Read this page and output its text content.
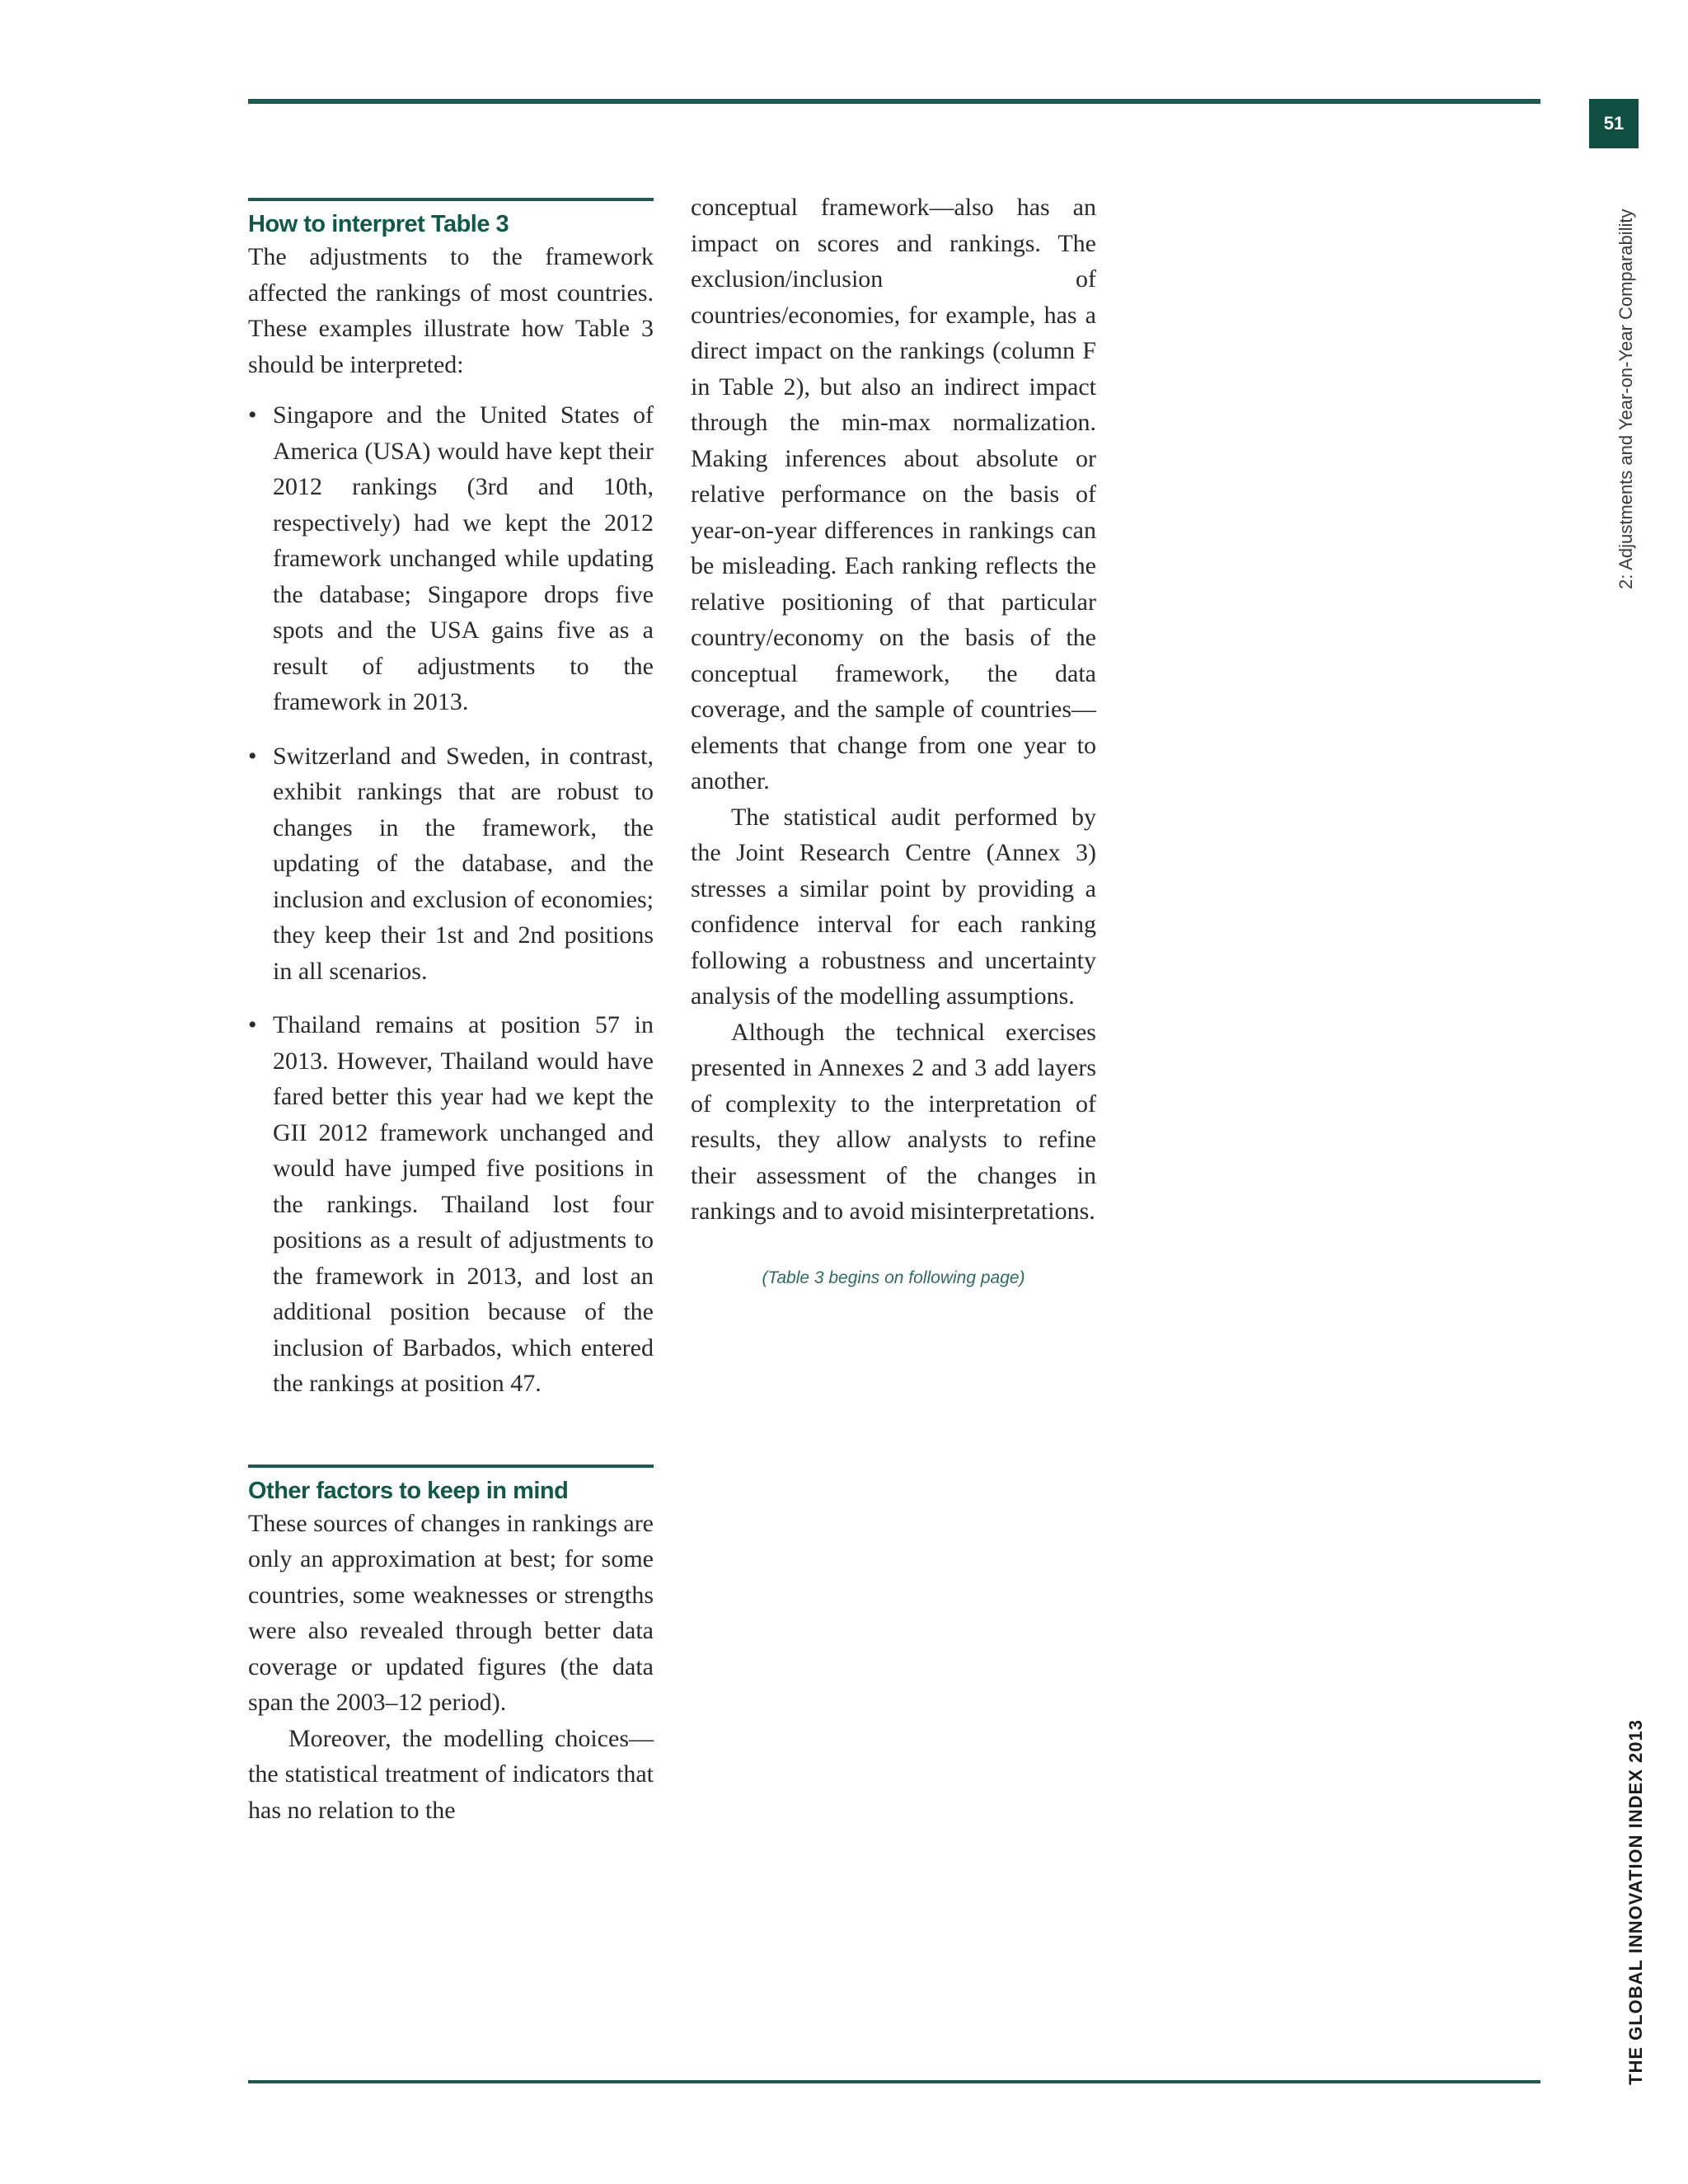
51
2: Adjustments and Year-on-Year Comparability
THE GLOBAL INNOVATION INDEX 2013
How to interpret Table 3

The adjustments to the framework affected the rankings of most countries. These examples illustrate how Table 3 should be interpreted:

• Singapore and the United States of America (USA) would have kept their 2012 rankings (3rd and 10th, respectively) had we kept the 2012 framework unchanged while updating the database; Singapore drops five spots and the USA gains five as a result of adjustments to the framework in 2013.
• Switzerland and Sweden, in contrast, exhibit rankings that are robust to changes in the framework, the updating of the database, and the inclusion and exclusion of economies; they keep their 1st and 2nd positions in all scenarios.
• Thailand remains at position 57 in 2013. However, Thailand would have fared better this year had we kept the GII 2012 framework unchanged and would have jumped five positions in the rankings. Thailand lost four positions as a result of adjustments to the framework in 2013, and lost an additional position because of the inclusion of Barbados, which entered the rankings at position 47.
Other factors to keep in mind

These sources of changes in rankings are only an approximation at best; for some countries, some weaknesses or strengths were also revealed through better data coverage or updated figures (the data span the 2003–12 period).

Moreover, the modelling choices—the statistical treatment of indicators that has no relation to the

conceptual framework—also has an impact on scores and rankings. The exclusion/inclusion of countries/economies, for example, has a direct impact on the rankings (column F in Table 2), but also an indirect impact through the min-max normalization. Making inferences about absolute or relative performance on the basis of year-on-year differences in rankings can be misleading. Each ranking reflects the relative positioning of that particular country/economy on the basis of the conceptual framework, the data coverage, and the sample of countries—elements that change from one year to another.

The statistical audit performed by the Joint Research Centre (Annex 3) stresses a similar point by providing a confidence interval for each ranking following a robustness and uncertainty analysis of the modelling assumptions.

Although the technical exercises presented in Annexes 2 and 3 add layers of complexity to the interpretation of results, they allow analysts to refine their assessment of the changes in rankings and to avoid misinterpretations.

(Table 3 begins on following page)
